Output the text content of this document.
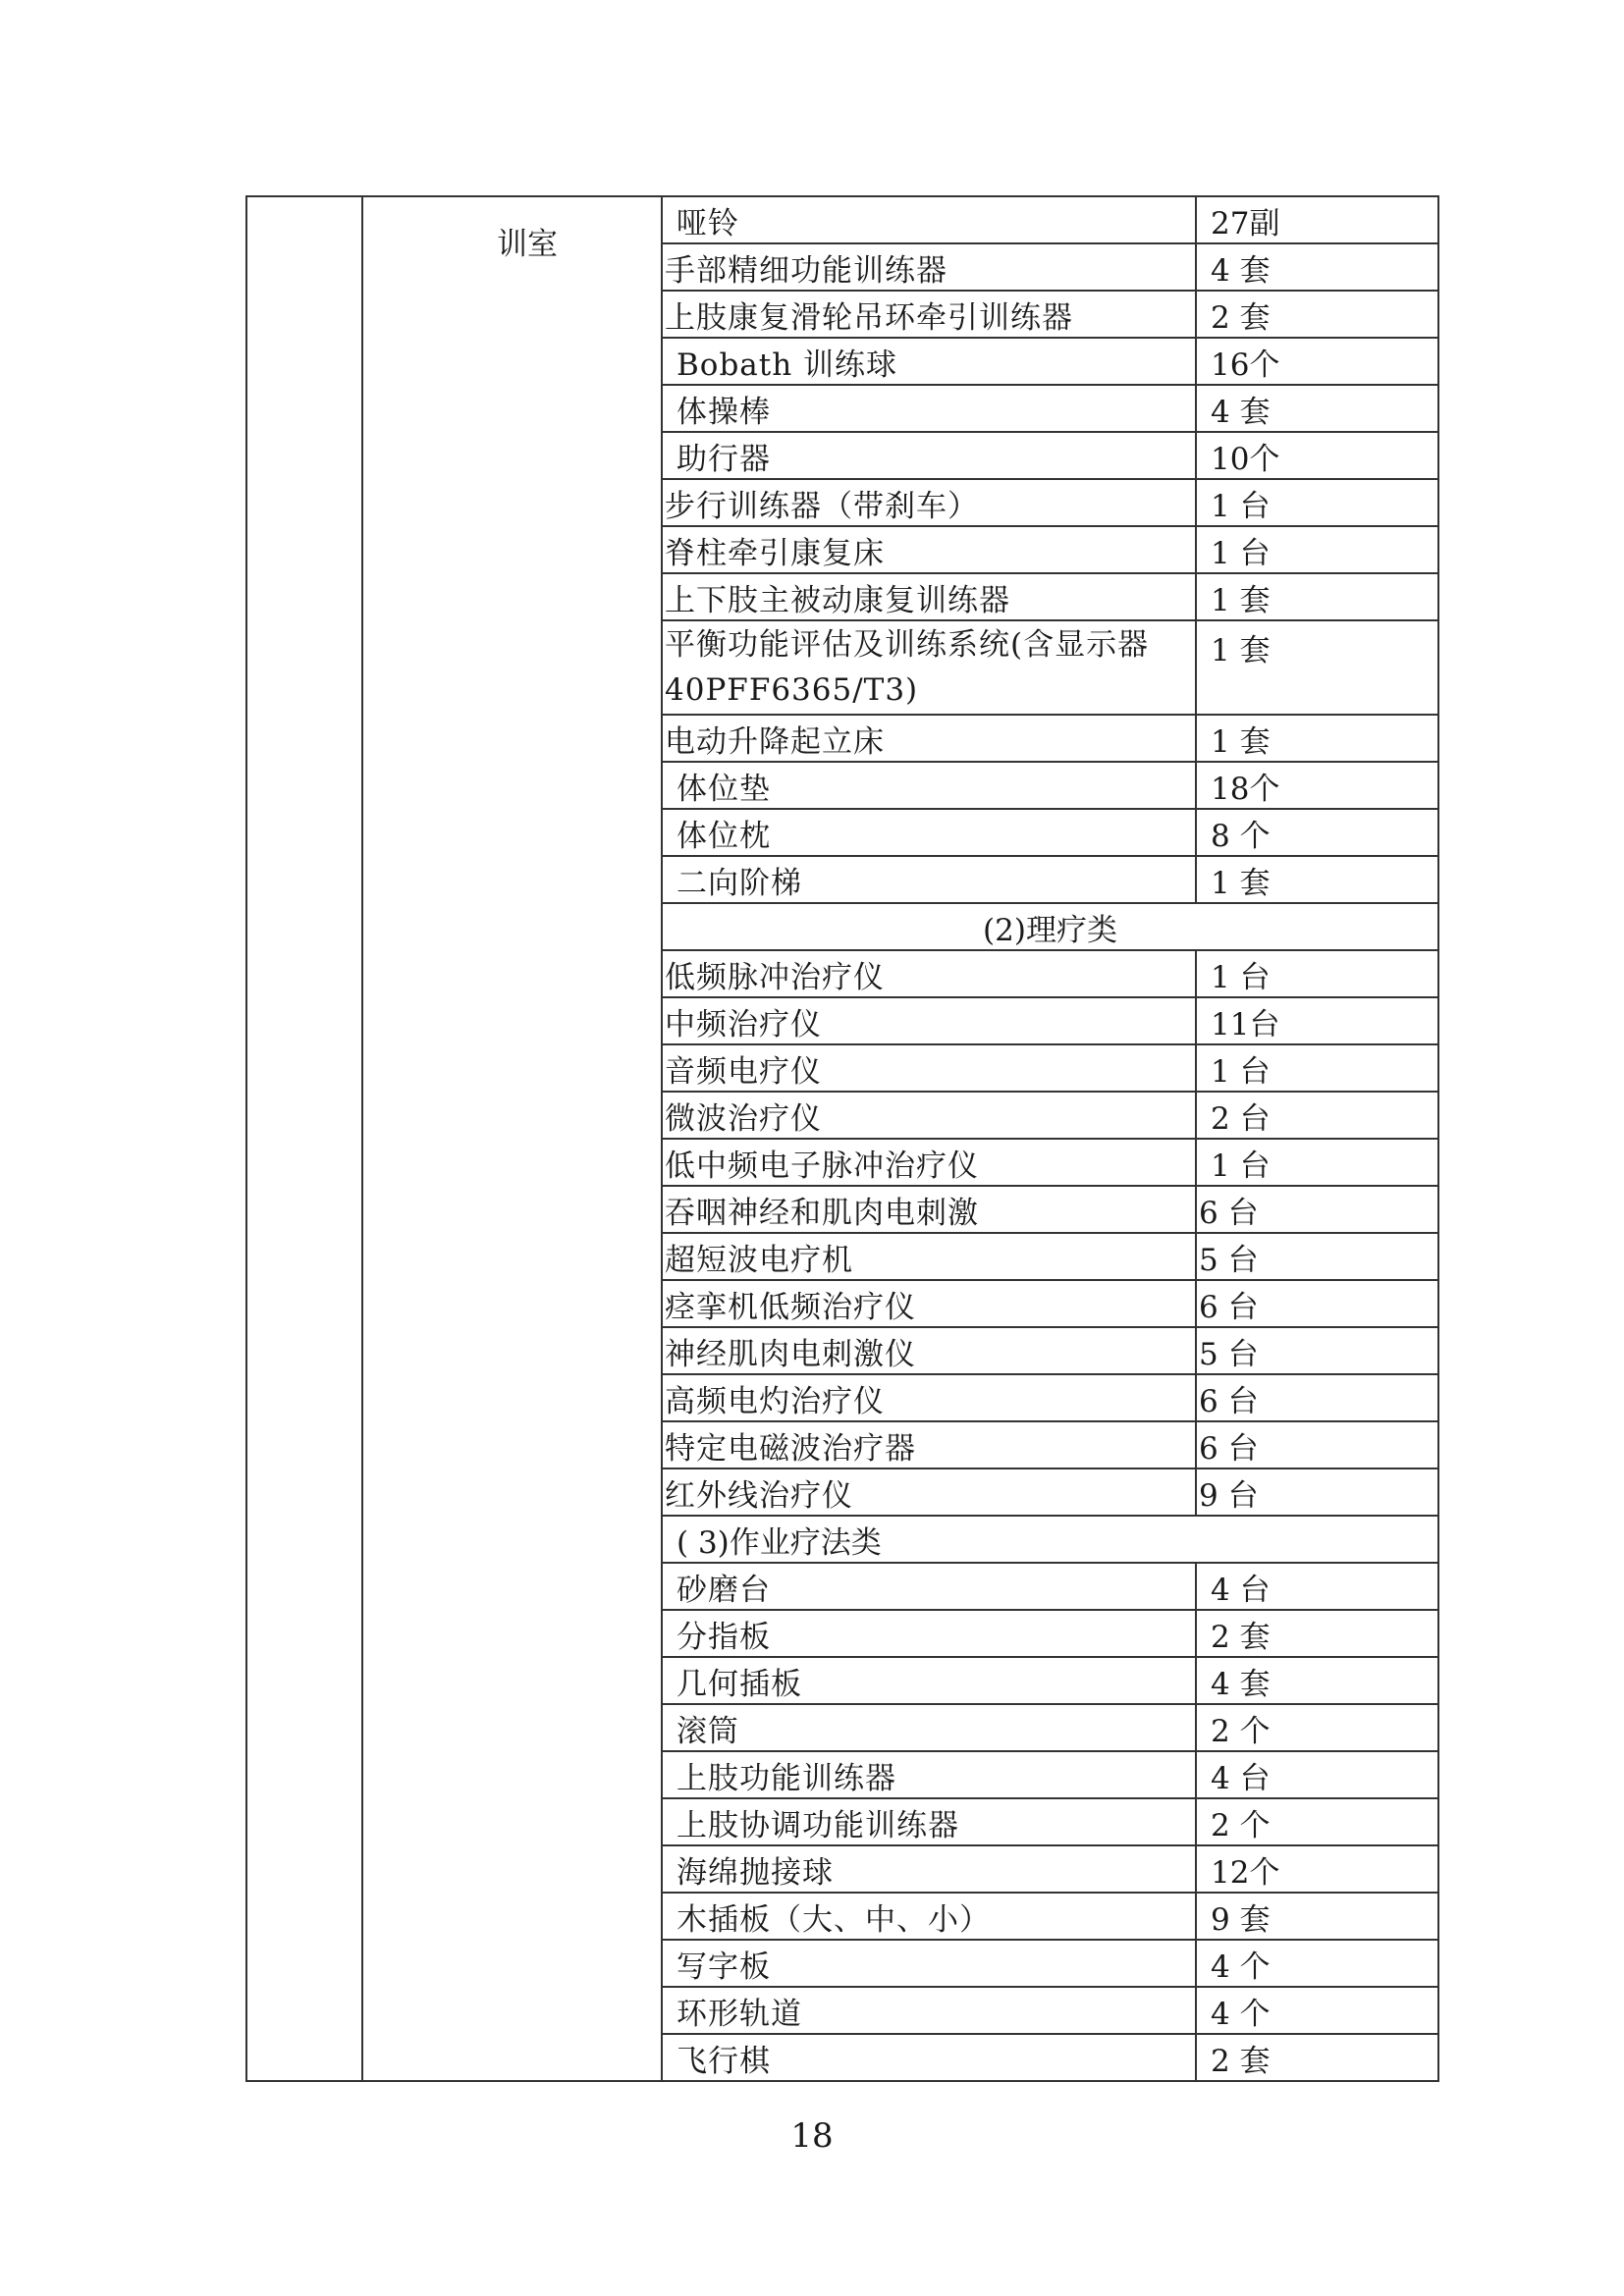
	训室	哑铃	27副
		手部精细功能训练器	4 套
		上肢康复滑轮吊环牵引训练器	2 套
		Bobath 训练球	16个
		体操棒	4 套
		助行器	10个
		步行训练器（带刹车）	1 台
		脊柱牵引康复床	1 台
		上下肢主被动康复训练器	1 套
		平衡功能评估及训练系统(含显示器 40PFF6365/T3)	1 套
		电动升降起立床	1 套
		体位垫	18个
		体位枕	8 个
		二向阶梯	1 套
		(2)理疗类	
		低频脉冲治疗仪	1 台
		中频治疗仪	11台
		音频电疗仪	1 台
		微波治疗仪	2 台
		低中频电子脉冲治疗仪	1 台
		吞咽神经和肌肉电刺激	6 台
		超短波电疗机	5 台
		痉挛机低频治疗仪	6 台
		神经肌肉电刺激仪	5 台
		高频电灼治疗仪	6 台
		特定电磁波治疗器	6 台
		红外线治疗仪	9 台
		( 3)作业疗法类	
		砂磨台	4 台
		分指板	2 套
		几何插板	4 套
		滚筒	2 个
		上肢功能训练器	4 台
		上肢协调功能训练器	2 个
		海绵抛接球	12个
		木插板（大、中、小）	9 套
		写字板	4 个
		环形轨道	4 个
		飞行棋	2 套
18
